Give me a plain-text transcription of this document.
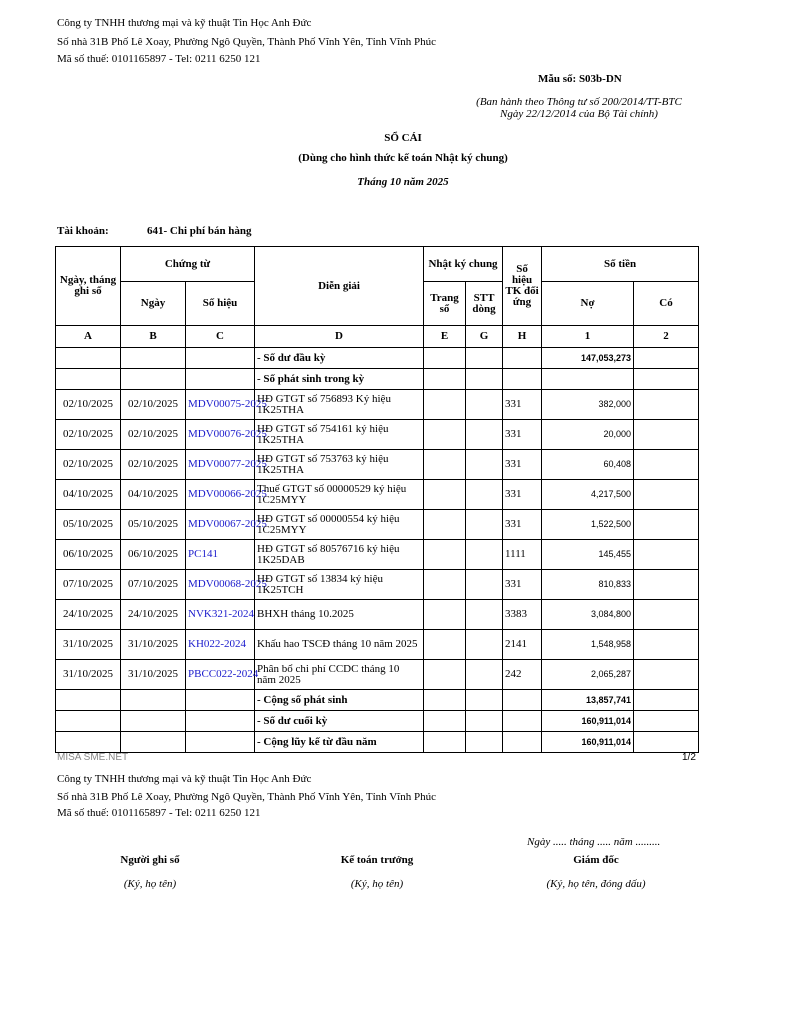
Công ty TNHH thương mại và kỹ thuật Tin Học Anh Đức
Số nhà 31B Phố Lê Xoay, Phường Ngô Quyền, Thành Phố Vĩnh Yên, Tỉnh Vĩnh Phúc
Mã số thuế: 0101165897 - Tel: 0211 6250 121
Mẫu số: S03b-DN
(Ban hành theo Thông tư số 200/2014/TT-BTC
Ngày 22/12/2014 của Bộ Tài chính)
SỔ CÁI
(Dùng cho hình thức kế toán Nhật ký chung)
Tháng 10 năm 2025
Tài khoản:	641- Chi phí bán hàng
Ngày, tháng ghi sổ	Chứng từ		Diễn giải	Nhật ký chung		Số hiệu TK đối ứng	Số tiền	
	Ngày	Số hiệu		Trang sổ	STT dòng		Nợ	Có
A	B	C	D	E	G	H	1	2
			- Số dư đầu kỳ				147,053,273	
			- Số phát sinh trong kỳ					
02/10/2025	02/10/2025	MDV00075-2025	HĐ GTGT số 756893 Ký hiệu 1K25THA			331	382,000	
02/10/2025	02/10/2025	MDV00076-2025	HĐ GTGT số 754161 ký hiệu 1K25THA			331	20,000	
02/10/2025	02/10/2025	MDV00077-2025	HĐ GTGT số 753763 ký hiệu 1K25THA			331	60,408	
04/10/2025	04/10/2025	MDV00066-2025	Thuế GTGT số 00000529 ký hiệu 1C25MYY			331	4,217,500	
05/10/2025	05/10/2025	MDV00067-2025	HĐ GTGT số 00000554 ký hiệu 1C25MYY			331	1,522,500	
06/10/2025	06/10/2025	PC141	HĐ GTGT số 80576716 ký hiệu 1K25DAB			1111	145,455	
07/10/2025	07/10/2025	MDV00068-2025	HĐ GTGT số 13834 ký hiệu 1K25TCH			331	810,833	
24/10/2025	24/10/2025	NVK321-2024	BHXH tháng 10.2025			3383	3,084,800	
31/10/2025	31/10/2025	KH022-2024	Khấu hao TSCĐ tháng 10 năm 2025			2141	1,548,958	
31/10/2025	31/10/2025	PBCC022-2024	Phân bổ chi phí CCDC tháng 10 năm 2025			242	2,065,287	
			- Cộng số phát sinh				13,857,741	
			- Số dư cuối kỳ				160,911,014	
			- Cộng lũy kế từ đầu năm				160,911,014	
MISA SME.NET	1/2
Công ty TNHH thương mại và kỹ thuật Tin Học Anh Đức
Số nhà 31B Phố Lê Xoay, Phường Ngô Quyền, Thành Phố Vĩnh Yên, Tỉnh Vĩnh Phúc
Mã số thuế: 0101165897 - Tel: 0211 6250 121
Ngày ..... tháng ..... năm .........
Người ghi sổ
(Ký, họ tên)
Kế toán trưởng
(Ký, họ tên)
Giám đốc
(Ký, họ tên, đóng dấu)
